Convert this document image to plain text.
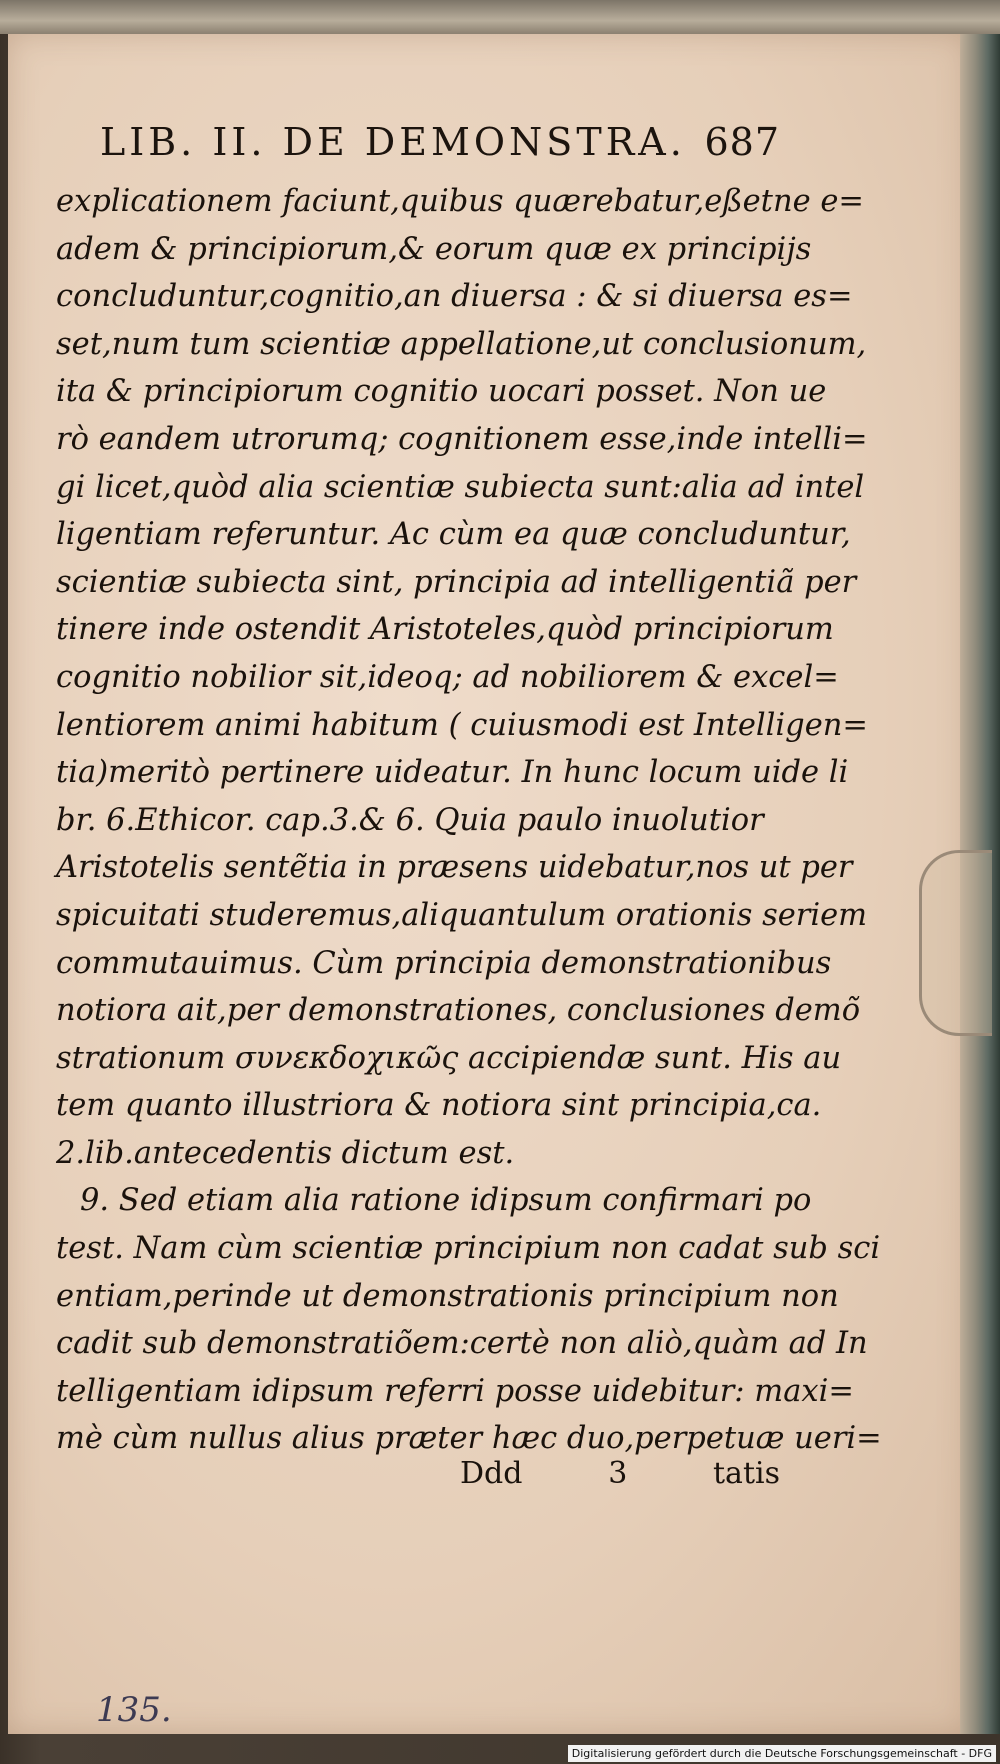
LIB. II. DE DEMONSTRA. 687
explicationem faciunt,quibus quærebatur,eßetne e=
adem & principiorum,& eorum quæ ex principijs
concluduntur,cognitio,an diuersa : & si diuersa es=
set,num tum scientiæ appellatione,ut conclusionum,
ita & principiorum cognitio uocari posset. Non ue
rò eandem utrorumq; cognitionem esse,inde intelli=
gi licet,quòd alia scientiæ subiecta sunt:alia ad intel
ligentiam referuntur. Ac cùm ea quæ concluduntur,
scientiæ subiecta sint, principia ad intelligentiã per
tinere inde ostendit Aristoteles,quòd principiorum
cognitio nobilior sit,ideoq; ad nobiliorem & excel=
lentiorem animi habitum ( cuiusmodi est Intelligen=
tia)meritò pertinere uideatur. In hunc locum uide li
br. 6.Ethicor. cap.3.& 6. Quia paulo inuolutior
Aristotelis sentẽtia in præsens uidebatur,nos ut per
spicuitati studeremus,aliquantulum orationis seriem
commutauimus. Cùm principia demonstrationibus
notiora ait,per demonstrationes, conclusiones demõ
strationum συνεκδοχικῶς accipiendæ sunt. His au
tem quanto illustriora & notiora sint principia,ca.
2.lib.antecedentis dictum est.
9. Sed etiam alia ratione idipsum confirmari po
test. Nam cùm scientiæ principium non cadat sub sci
entiam,perinde ut demonstrationis principium non
cadit sub demonstratiõem:certè non aliò,quàm ad In
telligentiam idipsum referri posse uidebitur: maxi=
mè cùm nullus alius præter hæc duo,perpetuæ ueri=
Ddd	3	tatis
135.
Digitalisierung gefördert durch die Deutsche Forschungsgemeinschaft - DFG
